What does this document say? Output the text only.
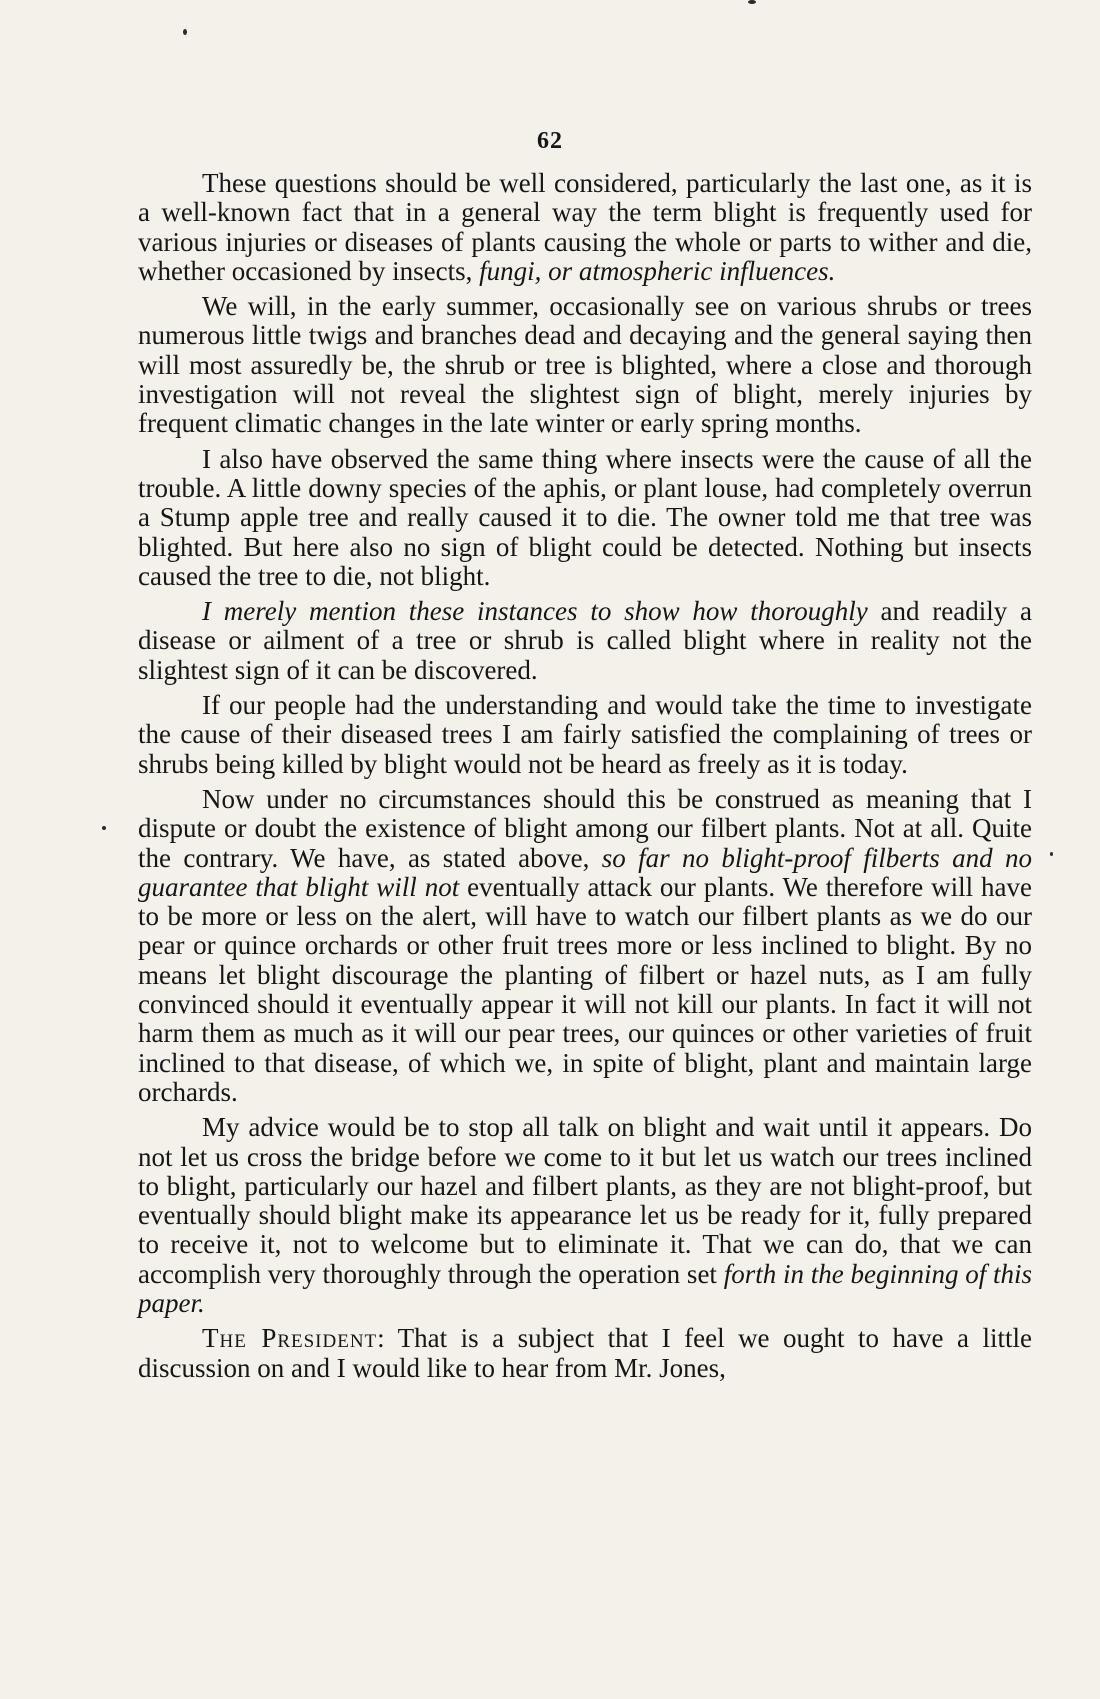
62

These questions should be well considered, particularly the last one, as it is a well-known fact that in a general way the term blight is frequently used for various injuries or diseases of plants causing the whole or parts to wither and die, whether occasioned by insects, fungi, or atmospheric influences.

We will, in the early summer, occasionally see on various shrubs or trees numerous little twigs and branches dead and decaying and the general saying then will most assuredly be, the shrub or tree is blighted, where a close and thorough investigation will not reveal the slightest sign of blight, merely injuries by frequent climatic changes in the late winter or early spring months.

I also have observed the same thing where insects were the cause of all the trouble. A little downy species of the aphis, or plant louse, had completely overrun a Stump apple tree and really caused it to die. The owner told me that tree was blighted. But here also no sign of blight could be detected. Nothing but insects caused the tree to die, not blight.

I merely mention these instances to show how thoroughly and readily a disease or ailment of a tree or shrub is called blight where in reality not the slightest sign of it can be discovered.

If our people had the understanding and would take the time to investigate the cause of their diseased trees I am fairly satisfied the complaining of trees or shrubs being killed by blight would not be heard as freely as it is today.

Now under no circumstances should this be construed as meaning that I dispute or doubt the existence of blight among our filbert plants. Not at all. Quite the contrary. We have, as stated above, so far no blight-proof filberts and no guarantee that blight will not eventually attack our plants. We therefore will have to be more or less on the alert, will have to watch our filbert plants as we do our pear or quince orchards or other fruit trees more or less inclined to blight. By no means let blight discourage the planting of filbert or hazel nuts, as I am fully convinced should it eventually appear it will not kill our plants. In fact it will not harm them as much as it will our pear trees, our quinces or other varieties of fruit inclined to that disease, of which we, in spite of blight, plant and maintain large orchards.

My advice would be to stop all talk on blight and wait until it appears. Do not let us cross the bridge before we come to it but let us watch our trees inclined to blight, particularly our hazel and filbert plants, as they are not blight-proof, but eventually should blight make its appearance let us be ready for it, fully prepared to receive it, not to welcome but to eliminate it. That we can do, that we can accomplish very thoroughly through the operation set forth in the beginning of this paper.

The President: That is a subject that I feel we ought to have a little discussion on and I would like to hear from Mr. Jones,
